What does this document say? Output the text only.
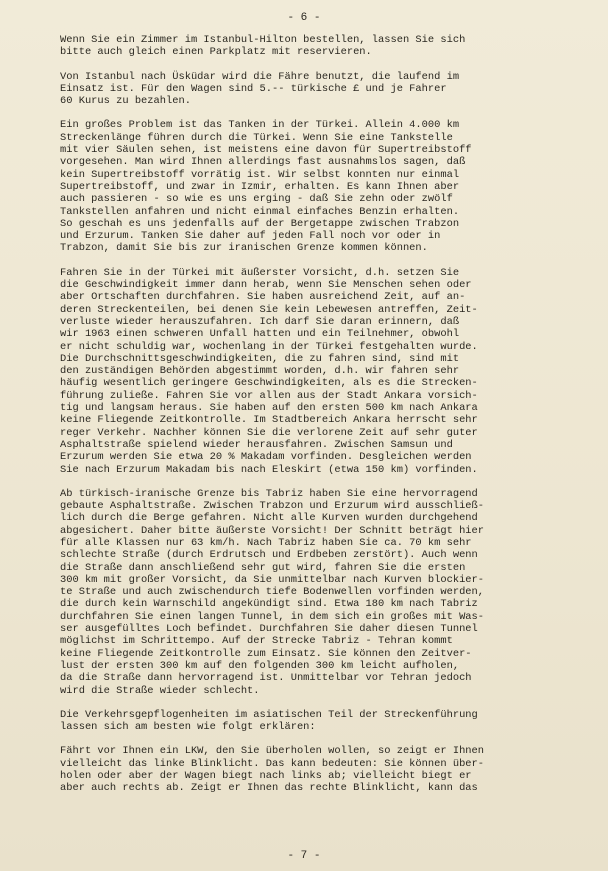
- 6 -
Wenn Sie ein Zimmer im Istanbul-Hilton bestellen, lassen Sie sich
bitte auch gleich einen Parkplatz mit reservieren.
Von Istanbul nach Üsküdar wird die Fähre benutzt, die laufend im
Einsatz ist. Für den Wagen sind 5.-- türkische £ und je Fahrer
60 Kurus zu bezahlen.
Ein großes Problem ist das Tanken in der Türkei. Allein 4.000 km
Streckenlänge führen durch die Türkei. Wenn Sie eine Tankstelle
mit vier Säulen sehen, ist meistens eine davon für Supertreibstoff
vorgesehen. Man wird Ihnen allerdings fast ausnahmslos sagen, daß
kein Supertreibstoff vorrätig ist. Wir selbst konnten nur einmal
Supertreibstoff, und zwar in Izmir, erhalten. Es kann Ihnen aber
auch passieren - so wie es uns erging - daß Sie zehn oder zwölf
Tankstellen anfahren und nicht einmal einfaches Benzin erhalten.
So geschah es uns jedenfalls auf der Bergetappe zwischen Trabzon
und Erzurum. Tanken Sie daher auf jeden Fall noch vor oder in
Trabzon, damit Sie bis zur iranischen Grenze kommen können.
Fahren Sie in der Türkei mit äußerster Vorsicht, d.h. setzen Sie
die Geschwindigkeit immer dann herab, wenn Sie Menschen sehen oder
aber Ortschaften durchfahren. Sie haben ausreichend Zeit, auf an-
deren Streckenteilen, bei denen Sie kein Lebewesen antreffen, Zeit-
verluste wieder herauszufahren. Ich darf Sie daran erinnern, daß
wir 1963 einen schweren Unfall hatten und ein Teilnehmer, obwohl
er nicht schuldig war, wochenlang in der Türkei festgehalten wurde.
Die Durchschnittsgeschwindigkeiten, die zu fahren sind, sind mit
den zuständigen Behörden abgestimmt worden, d.h. wir fahren sehr
häufig wesentlich geringere Geschwindigkeiten, als es die Strecken-
führung zuließe. Fahren Sie vor allen aus der Stadt Ankara vorsich-
tig und langsam heraus. Sie haben auf den ersten 500 km nach Ankara
keine Fliegende Zeitkontrolle. Im Stadtbereich Ankara herrscht sehr
reger Verkehr. Nachher können Sie die verlorene Zeit auf sehr guter
Asphaltstraße spielend wieder herausfahren. Zwischen Samsun und
Erzurum werden Sie etwa 20 % Makadam vorfinden. Desgleichen werden
Sie nach Erzurum Makadam bis nach Eleskirt (etwa 150 km) vorfinden.
Ab türkisch-iranische Grenze bis Tabriz haben Sie eine hervorragend
gebaute Asphaltstraße. Zwischen Trabzon und Erzurum wird ausschließ-
lich durch die Berge gefahren. Nicht alle Kurven wurden durchgehend
abgesichert. Daher bitte äußerste Vorsicht! Der Schnitt beträgt hier
für alle Klassen nur 63 km/h. Nach Tabriz haben Sie ca. 70 km sehr
schlechte Straße (durch Erdrutsch und Erdbeben zerstört). Auch wenn
die Straße dann anschließend sehr gut wird, fahren Sie die ersten
300 km mit großer Vorsicht, da Sie unmittelbar nach Kurven blockier-
te Straße und auch zwischendurch tiefe Bodenwellen vorfinden werden,
die durch kein Warnschild angekündigt sind. Etwa 180 km nach Tabriz
durchfahren Sie einen langen Tunnel, in dem sich ein großes mit Was-
ser ausgefülltes Loch befindet. Durchfahren Sie daher diesen Tunnel
möglichst im Schrittempo. Auf der Strecke Tabriz - Tehran kommt
keine Fliegende Zeitkontrolle zum Einsatz. Sie können den Zeitver-
lust der ersten 300 km auf den folgenden 300 km leicht aufholen,
da die Straße dann hervorragend ist. Unmittelbar vor Tehran jedoch
wird die Straße wieder schlecht.
Die Verkehrsgepflogenheiten im asiatischen Teil der Streckenführung
lassen sich am besten wie folgt erklären:
Fährt vor Ihnen ein LKW, den Sie überholen wollen, so zeigt er Ihnen
vielleicht das linke Blinklicht. Das kann bedeuten: Sie können über-
holen oder aber der Wagen biegt nach links ab; vielleicht biegt er
aber auch rechts ab. Zeigt er Ihnen das rechte Blinklicht, kann das
- 7 -
